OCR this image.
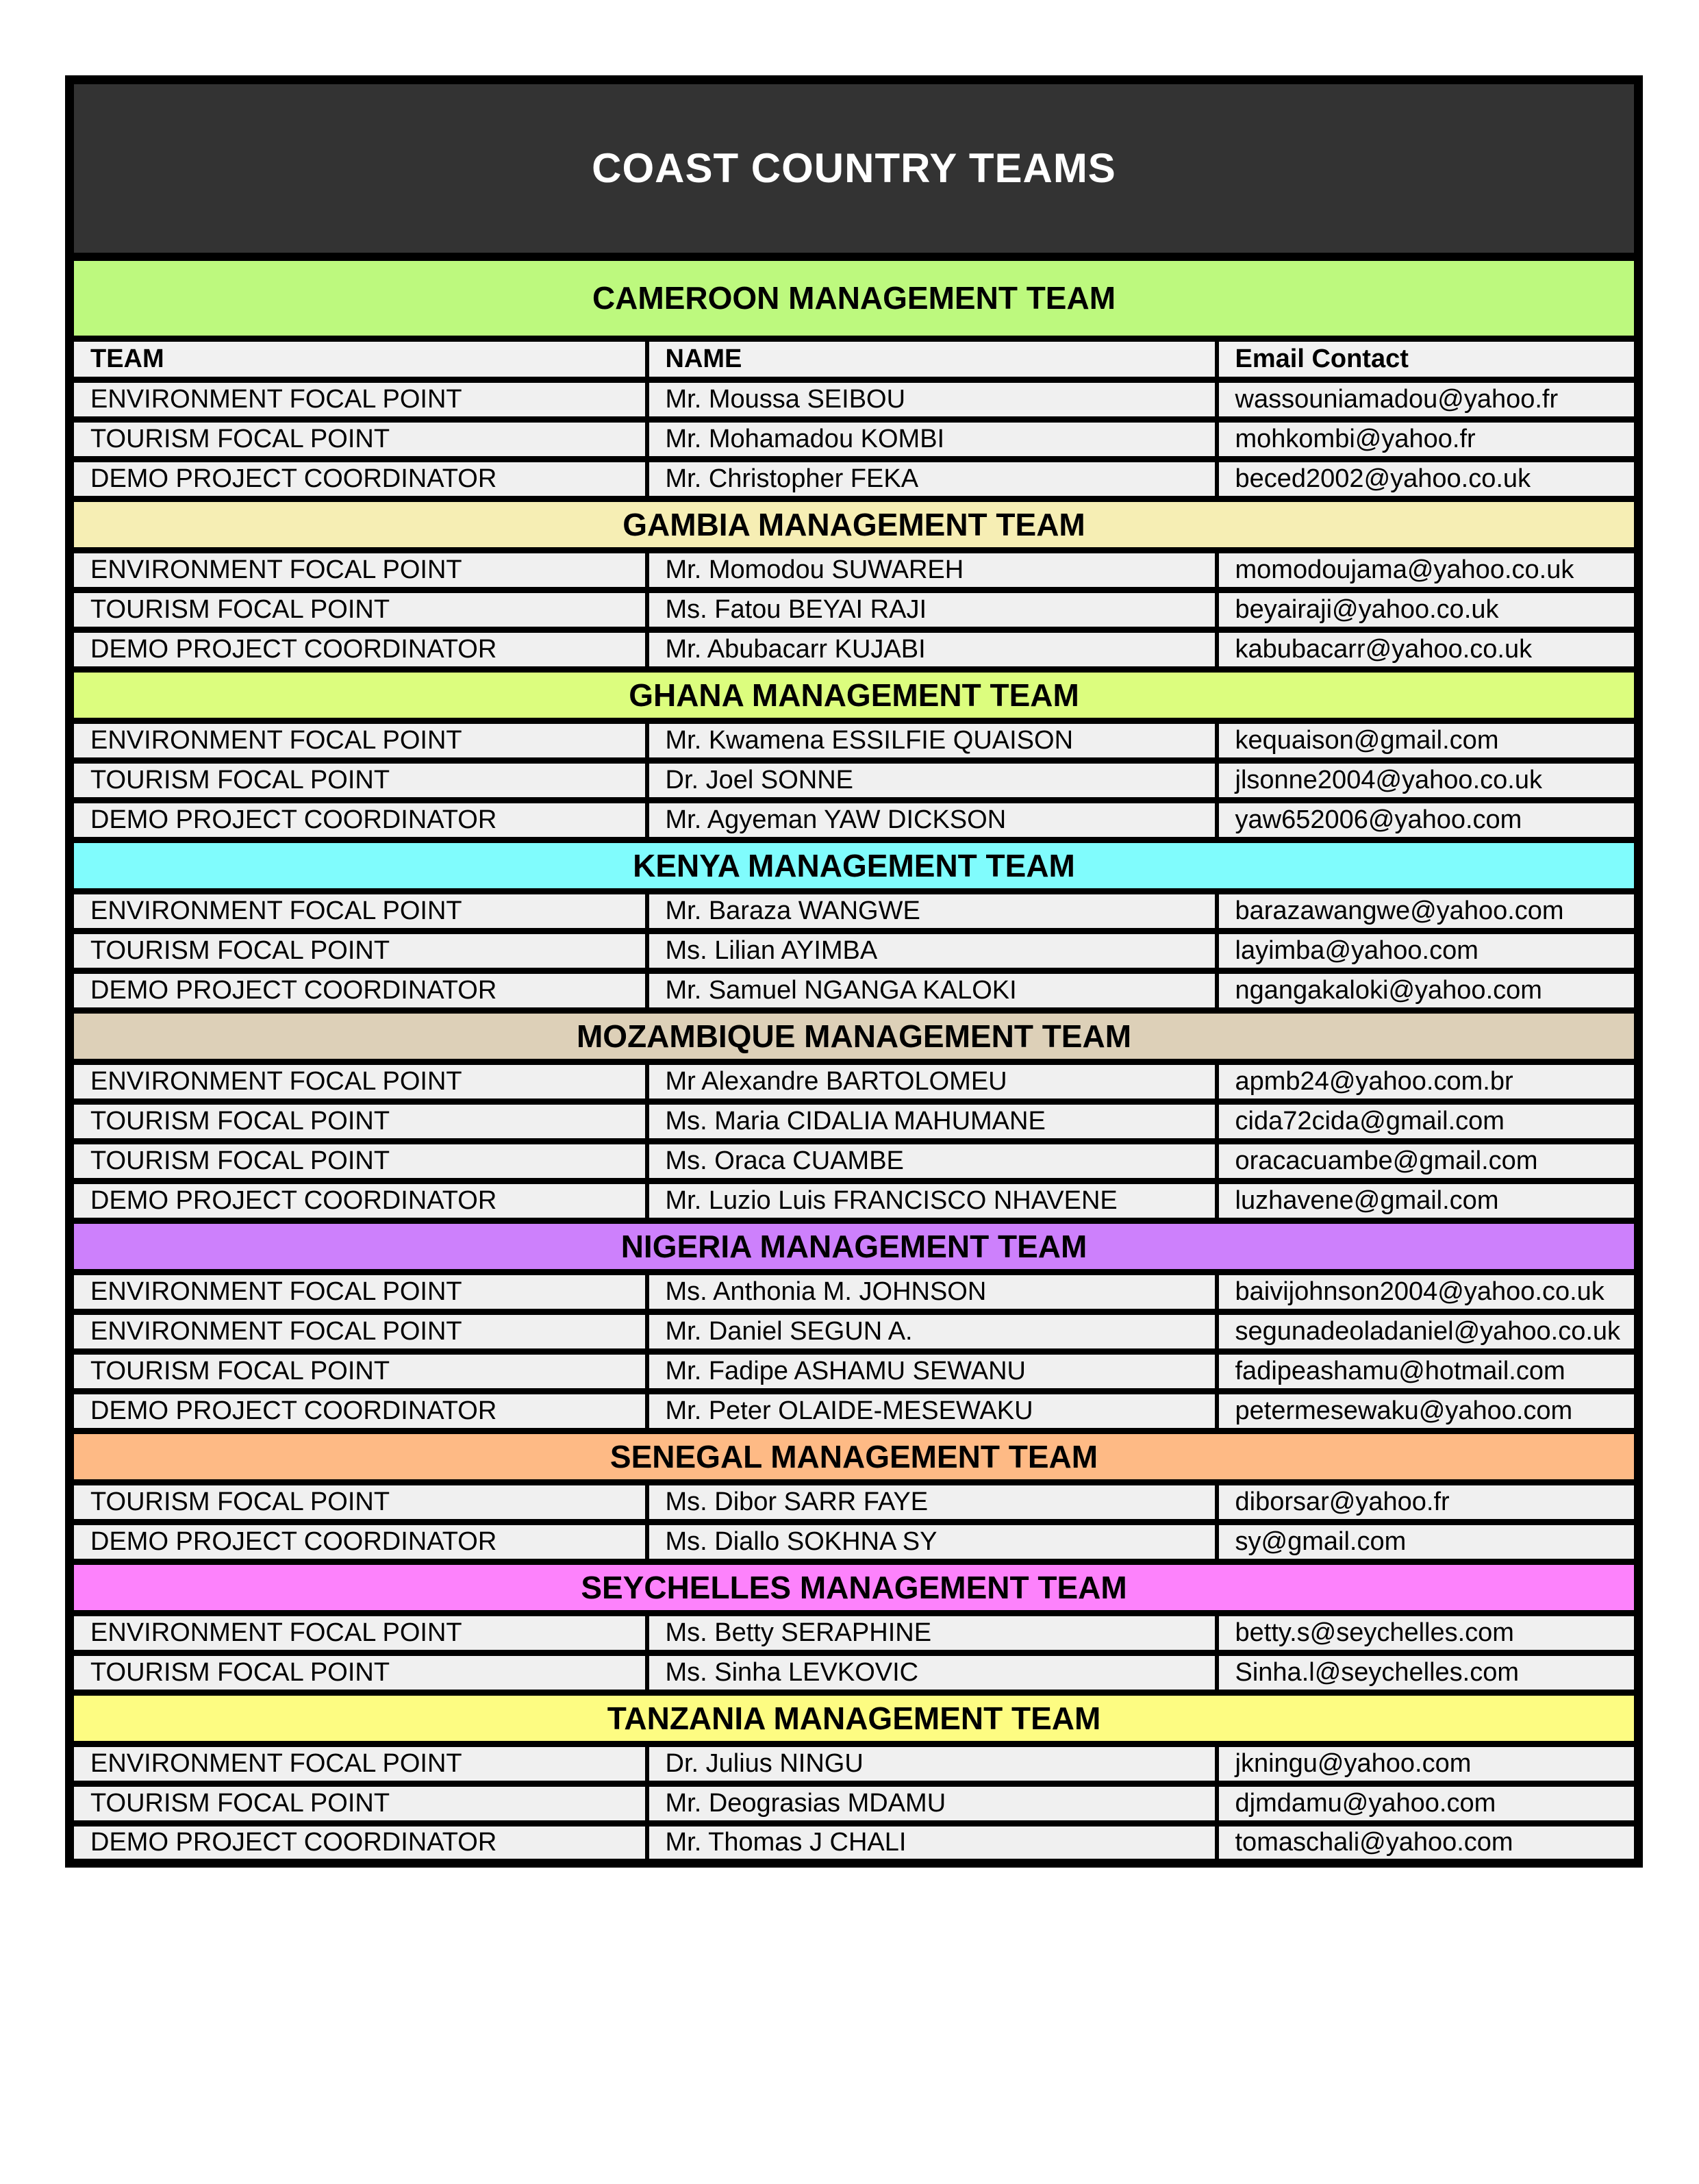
COAST COUNTRY TEAMS		
CAMEROON MANAGEMENT TEAM		
TEAM	NAME	Email Contact
ENVIRONMENT FOCAL POINT	Mr. Moussa SEIBOU	wassouniamadou@yahoo.fr
TOURISM FOCAL POINT	Mr. Mohamadou KOMBI	mohkombi@yahoo.fr
DEMO PROJECT COORDINATOR	Mr. Christopher FEKA	beced2002@yahoo.co.uk
GAMBIA MANAGEMENT TEAM		
ENVIRONMENT FOCAL POINT	Mr. Momodou SUWAREH	momodoujama@yahoo.co.uk
TOURISM FOCAL POINT	Ms. Fatou BEYAI RAJI	beyairaji@yahoo.co.uk
DEMO PROJECT COORDINATOR	Mr. Abubacarr KUJABI	kabubacarr@yahoo.co.uk
GHANA MANAGEMENT TEAM		
ENVIRONMENT FOCAL POINT	Mr. Kwamena ESSILFIE QUAISON	kequaison@gmail.com
TOURISM FOCAL POINT	Dr. Joel SONNE	jlsonne2004@yahoo.co.uk
DEMO PROJECT COORDINATOR	Mr. Agyeman YAW DICKSON	yaw652006@yahoo.com
KENYA MANAGEMENT TEAM		
ENVIRONMENT FOCAL POINT	Mr. Baraza WANGWE	barazawangwe@yahoo.com
TOURISM FOCAL POINT	Ms. Lilian AYIMBA	layimba@yahoo.com
DEMO PROJECT COORDINATOR	Mr. Samuel NGANGA KALOKI	ngangakaloki@yahoo.com
MOZAMBIQUE MANAGEMENT TEAM		
ENVIRONMENT FOCAL POINT	Mr Alexandre BARTOLOMEU	apmb24@yahoo.com.br
TOURISM FOCAL POINT	Ms. Maria CIDALIA MAHUMANE	cida72cida@gmail.com
TOURISM FOCAL POINT	Ms. Oraca CUAMBE	oracacuambe@gmail.com
DEMO PROJECT COORDINATOR	Mr. Luzio Luis FRANCISCO NHAVENE	luzhavene@gmail.com
NIGERIA MANAGEMENT TEAM		
ENVIRONMENT FOCAL POINT	Ms. Anthonia M. JOHNSON	baivijohnson2004@yahoo.co.uk
ENVIRONMENT FOCAL POINT	Mr. Daniel SEGUN A.	segunadeoladaniel@yahoo.co.uk
TOURISM FOCAL POINT	Mr. Fadipe ASHAMU SEWANU	fadipeashamu@hotmail.com
DEMO PROJECT COORDINATOR	Mr. Peter OLAIDE-MESEWAKU	petermesewaku@yahoo.com
SENEGAL MANAGEMENT TEAM		
TOURISM FOCAL POINT	Ms. Dibor SARR FAYE	diborsar@yahoo.fr
DEMO PROJECT COORDINATOR	Ms. Diallo SOKHNA SY	sy@gmail.com
SEYCHELLES MANAGEMENT TEAM		
ENVIRONMENT FOCAL POINT	Ms. Betty SERAPHINE	betty.s@seychelles.com
TOURISM FOCAL POINT	Ms. Sinha LEVKOVIC	Sinha.l@seychelles.com
TANZANIA MANAGEMENT TEAM		
ENVIRONMENT FOCAL POINT	Dr. Julius NINGU	jkningu@yahoo.com
TOURISM FOCAL POINT	Mr. Deograsias MDAMU	djmdamu@yahoo.com
DEMO PROJECT COORDINATOR	Mr. Thomas J CHALI	tomaschali@yahoo.com
